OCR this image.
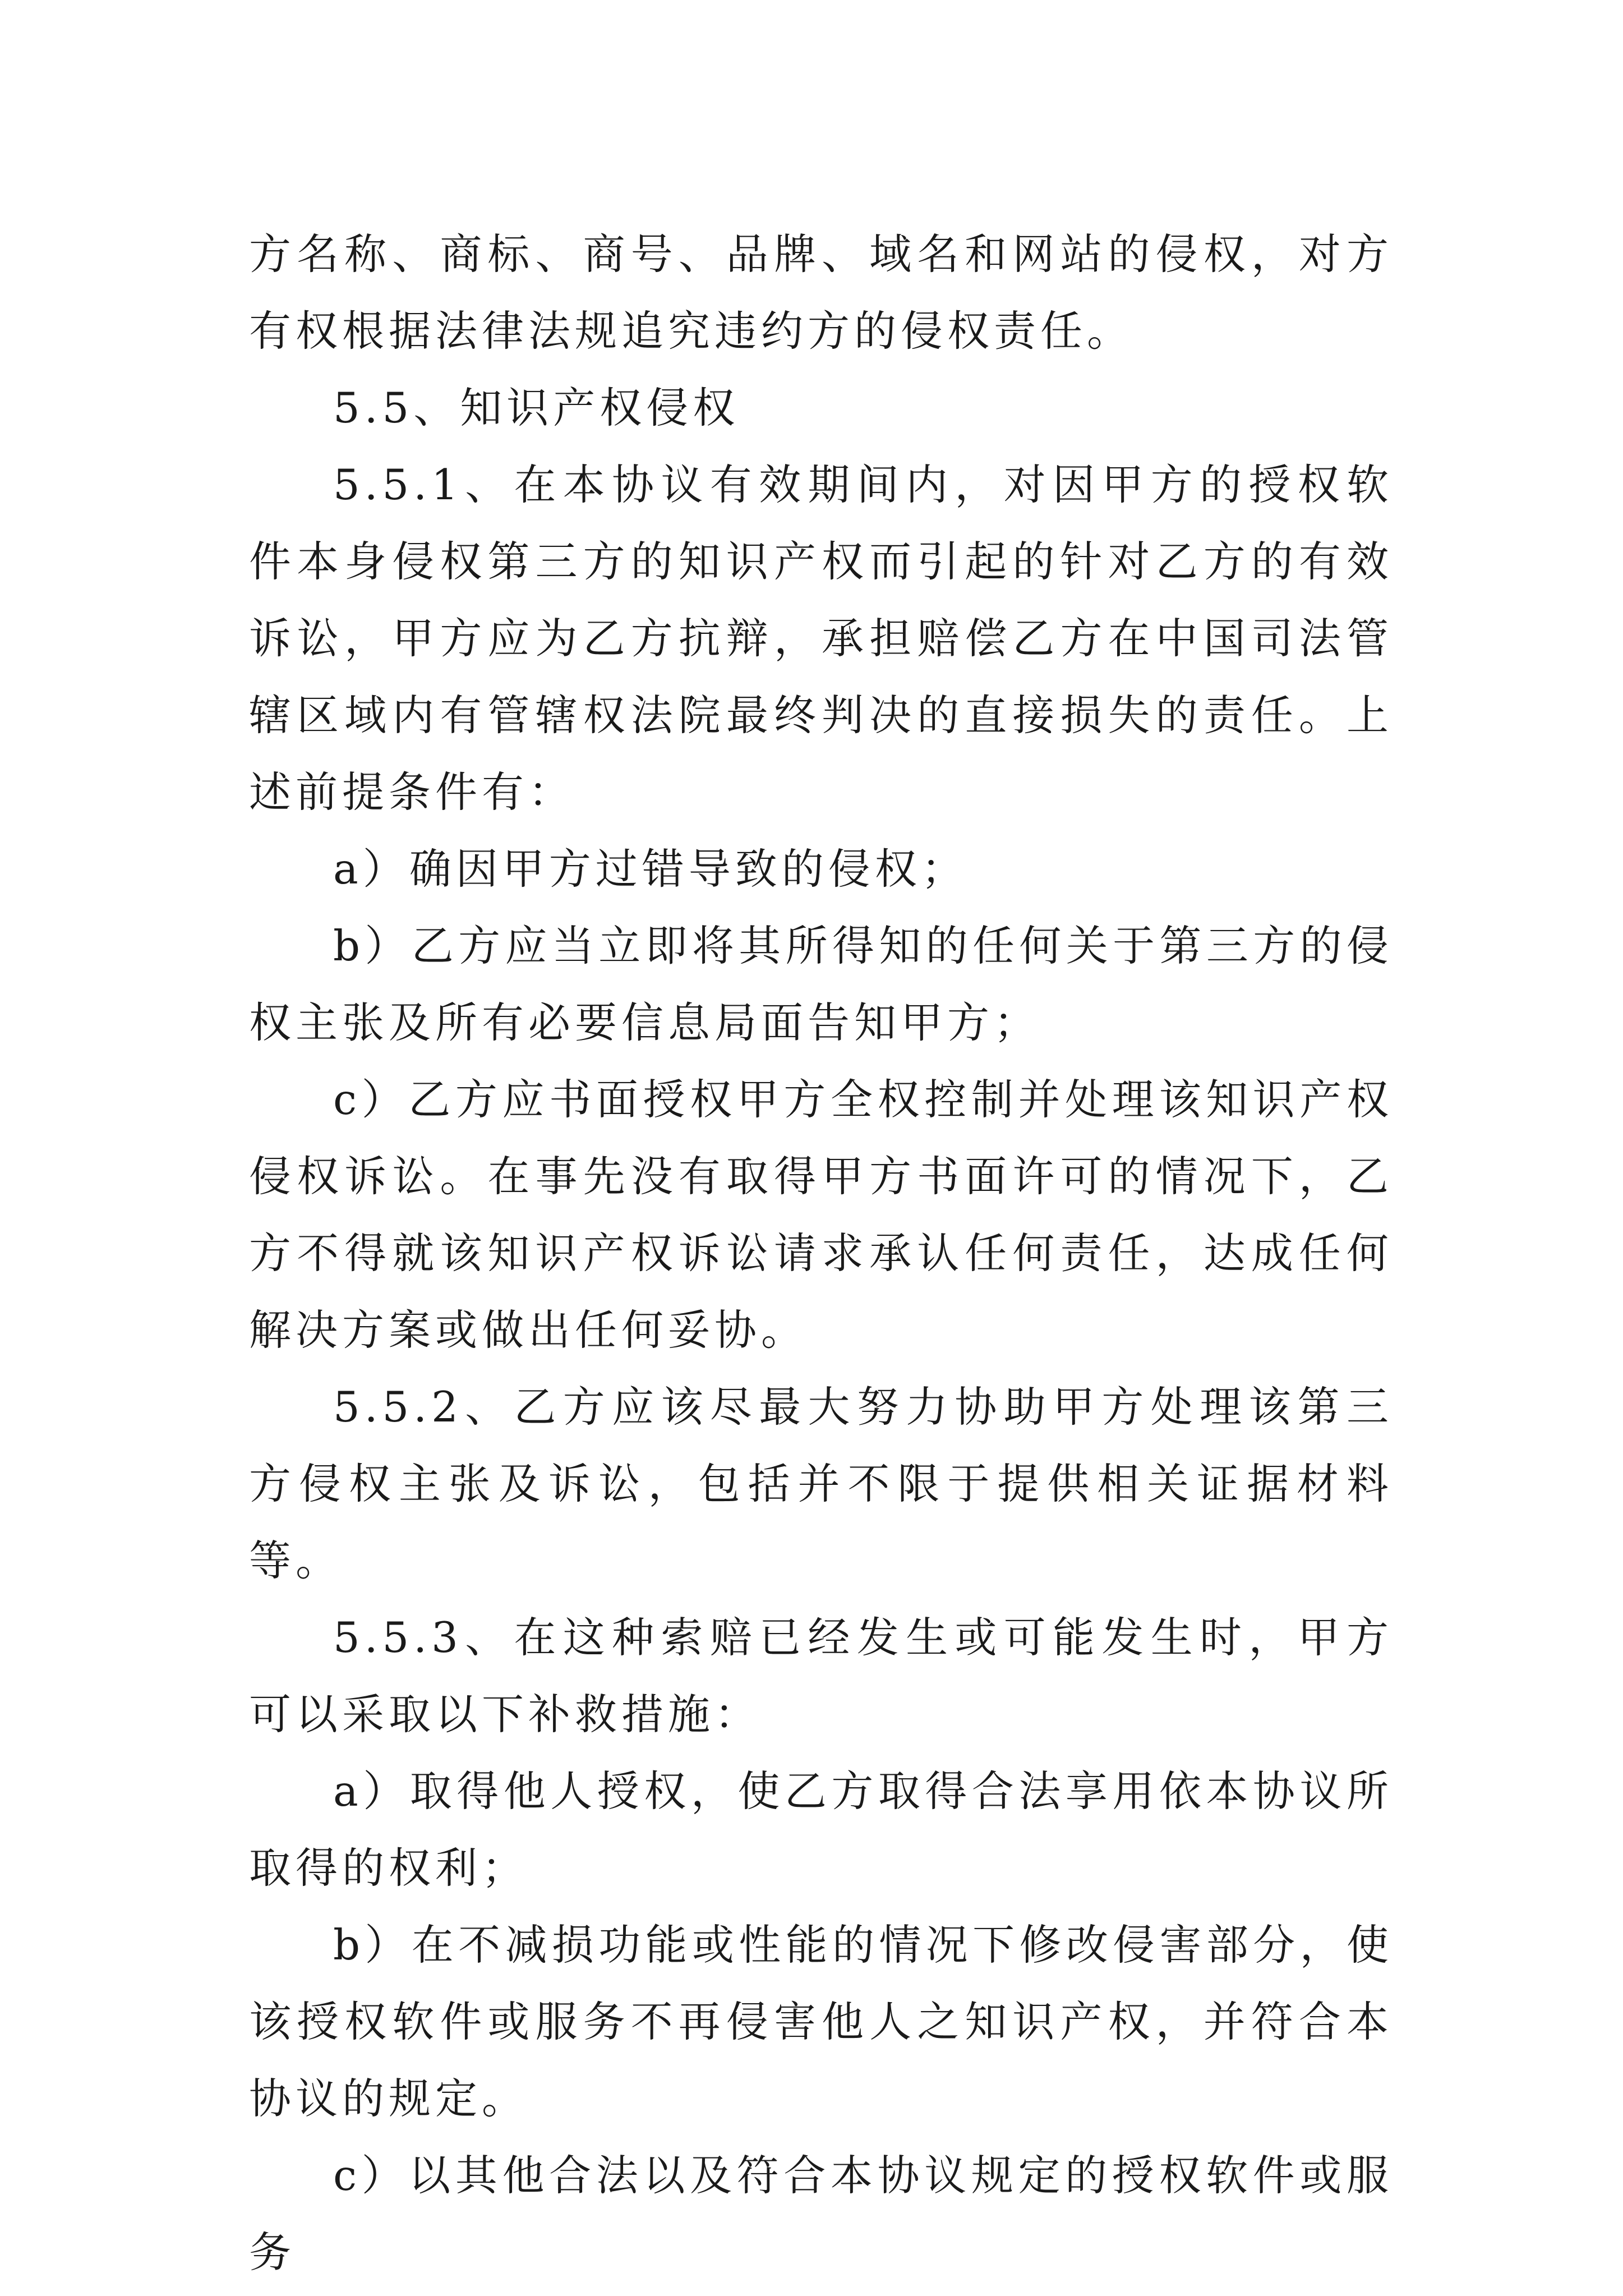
方名称、商标、商号、品牌、域名和网站的侵权，对方有权根据法律法规追究违约方的侵权责任。

5.5、知识产权侵权

5.5.1、在本协议有效期间内，对因甲方的授权软件本身侵权第三方的知识产权而引起的针对乙方的有效诉讼，甲方应为乙方抗辩，承担赔偿乙方在中国司法管辖区域内有管辖权法院最终判决的直接损失的责任。上述前提条件有：

a）确因甲方过错导致的侵权；

b）乙方应当立即将其所得知的任何关于第三方的侵权主张及所有必要信息局面告知甲方；

c）乙方应书面授权甲方全权控制并处理该知识产权侵权诉讼。在事先没有取得甲方书面许可的情况下，乙方不得就该知识产权诉讼请求承认任何责任，达成任何解决方案或做出任何妥协。

5.5.2、乙方应该尽最大努力协助甲方处理该第三方侵权主张及诉讼，包括并不限于提供相关证据材料等。

5.5.3、在这种索赔已经发生或可能发生时，甲方可以采取以下补救措施：

a）取得他人授权，使乙方取得合法享用依本协议所取得的权利；

b）在不减损功能或性能的情况下修改侵害部分，使该授权软件或服务不再侵害他人之知识产权，并符合本协议的规定。

c）以其他合法以及符合本协议规定的授权软件或服务
